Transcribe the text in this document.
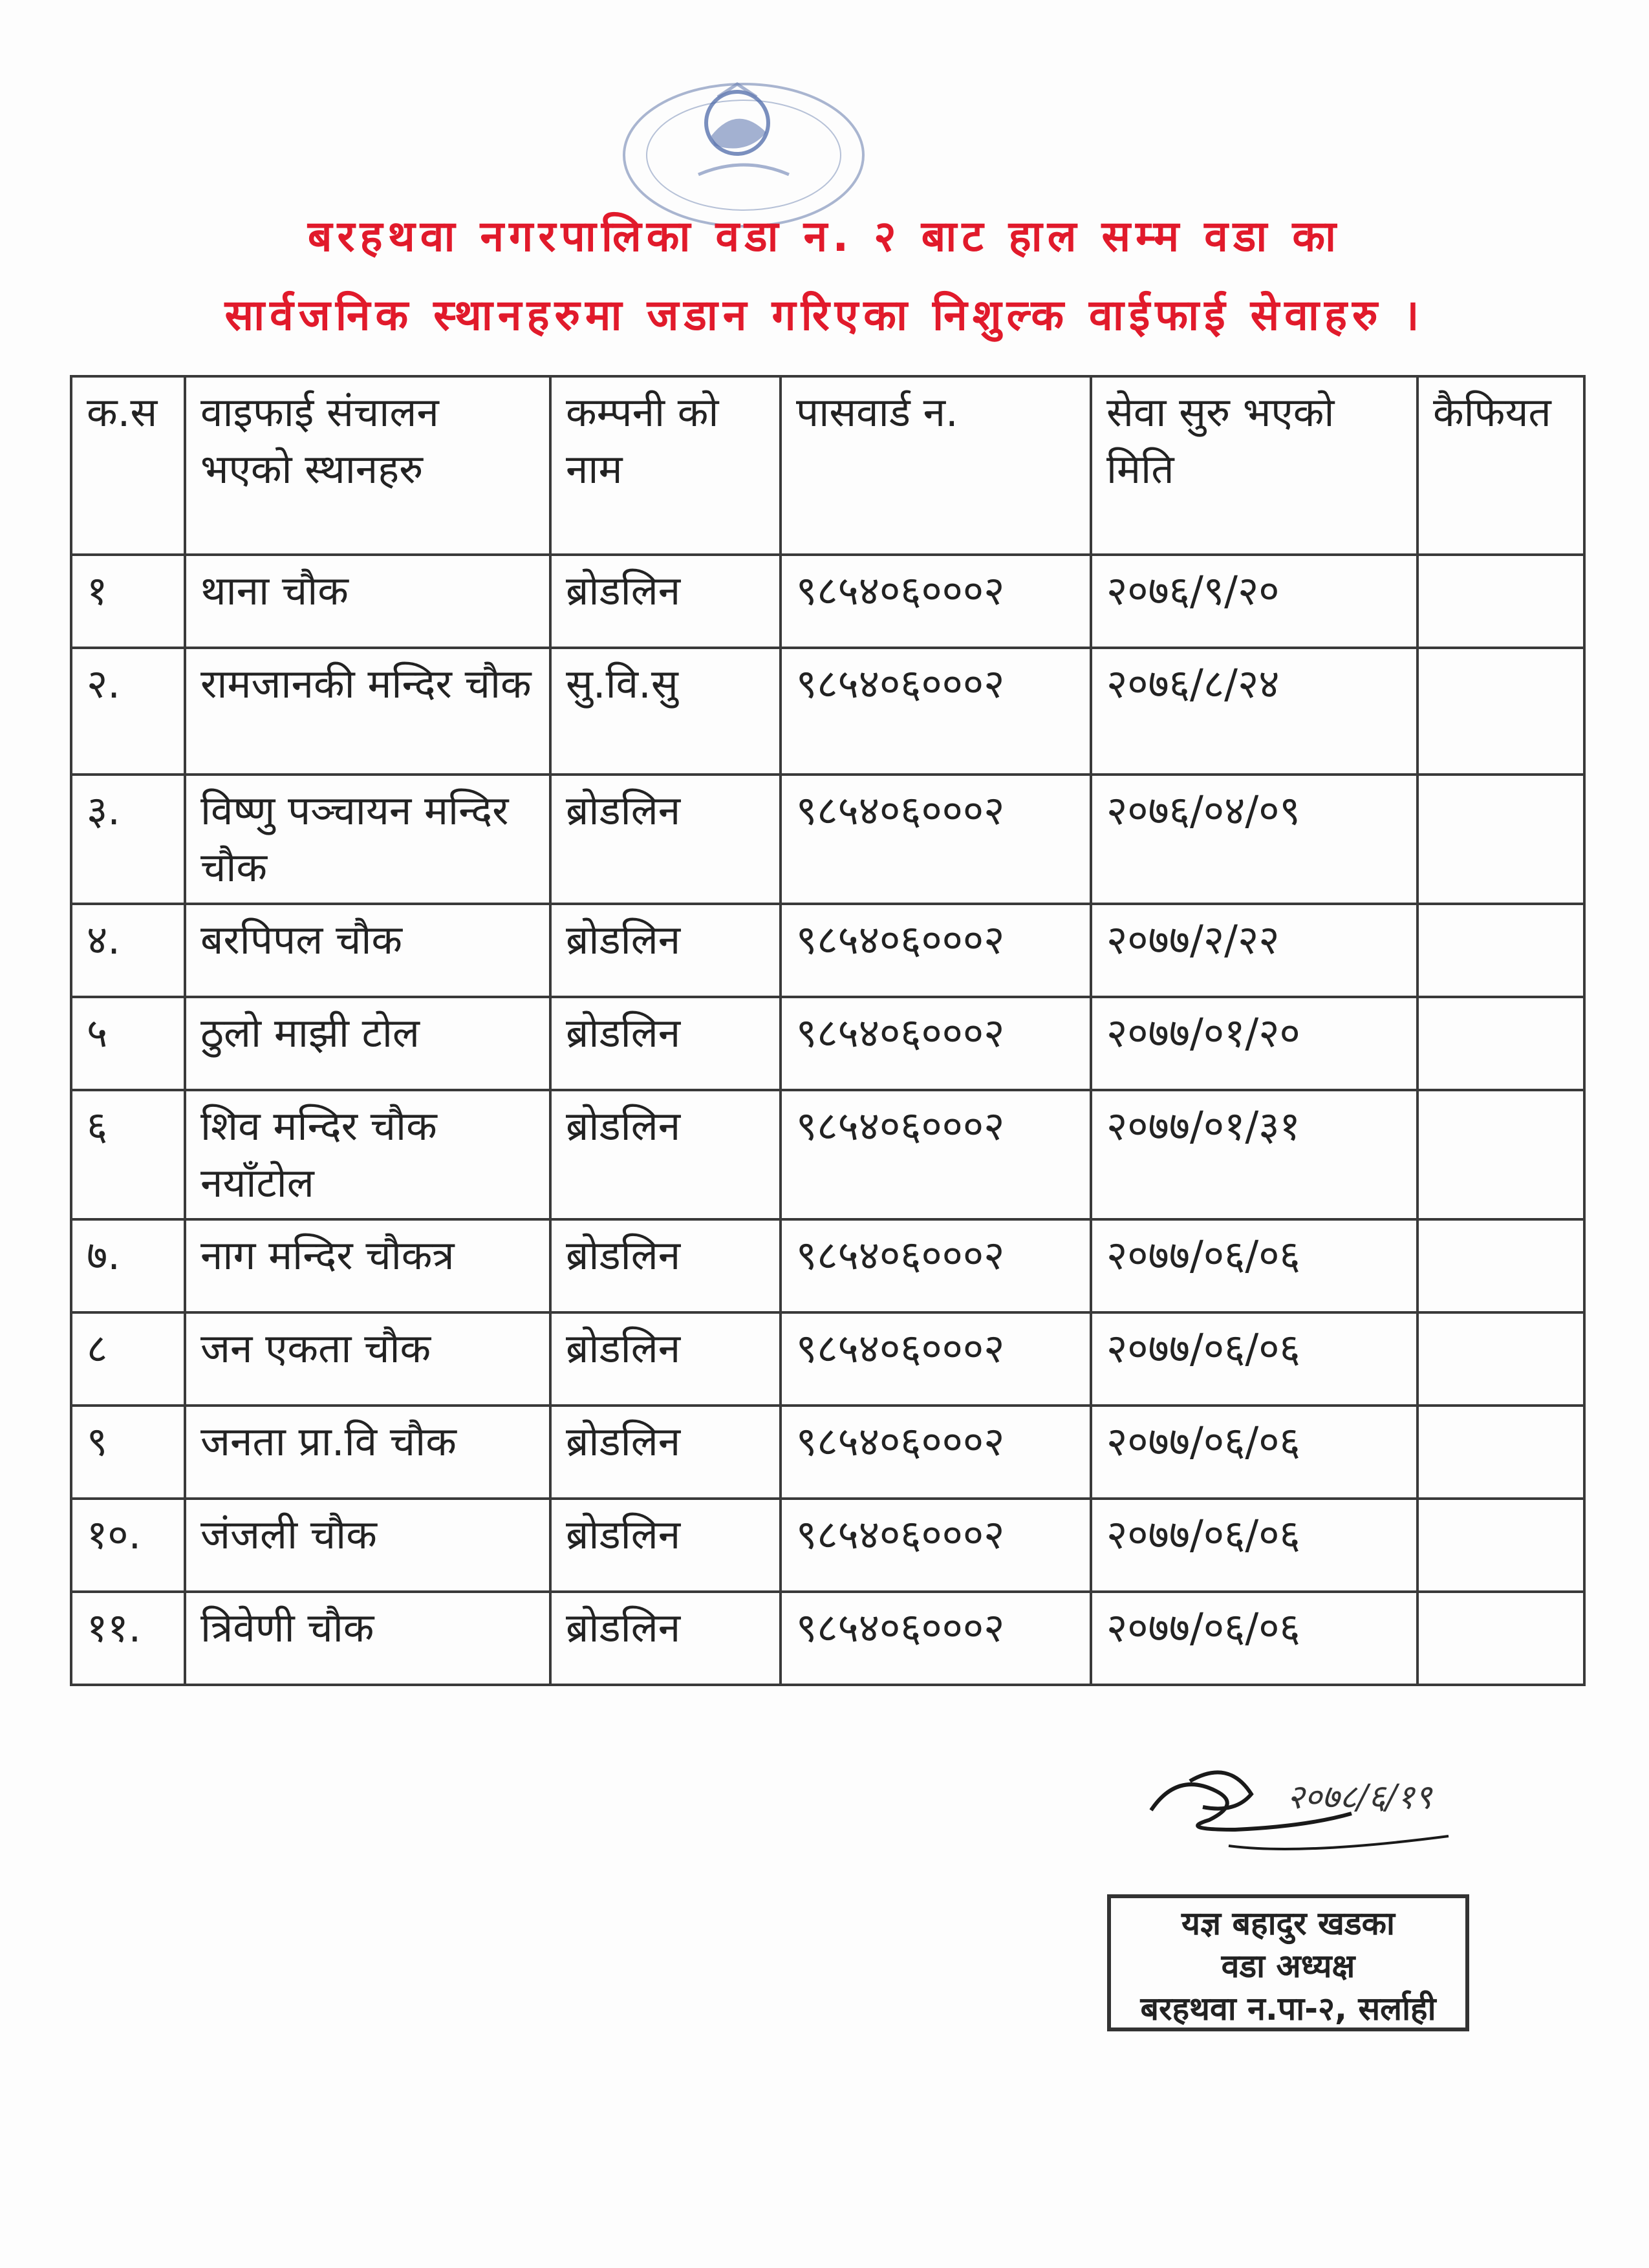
बरहथवा नगरपालिका वडा न. २ बाट हाल सम्म वडा का
सार्वजनिक स्थानहरुमा जडान गरिएका निशुल्क वाईफाई सेवाहरु ।
क.स	वाइफाई संचालन भएको स्थानहरु	कम्पनी को नाम	पासवार्ड न.	सेवा सुरु भएको मिति	कैफियत
१	थाना चौक	ब्रोडलिन	९८५४०६०००२	२०७६/९/२०	
२.	रामजानकी मन्दिर चौक	सु.वि.सु	९८५४०६०००२	२०७६/८/२४	
३.	विष्णु पञ्चायन मन्दिर चौक	ब्रोडलिन	९८५४०६०००२	२०७६/०४/०९	
४.	बरपिपल चौक	ब्रोडलिन	९८५४०६०००२	२०७७/२/२२	
५	ठुलो माझी टोल	ब्रोडलिन	९८५४०६०००२	२०७७/०१/२०	
६	शिव मन्दिर चौक नयाँटोल	ब्रोडलिन	९८५४०६०००२	२०७७/०१/३१	
७.	नाग मन्दिर चौकत्र	ब्रोडलिन	९८५४०६०००२	२०७७/०६/०६	
८	जन एकता चौक	ब्रोडलिन	९८५४०६०००२	२०७७/०६/०६	
९	जनता प्रा.वि चौक	ब्रोडलिन	९८५४०६०००२	२०७७/०६/०६	
१०.	जंजली चौक	ब्रोडलिन	९८५४०६०००२	२०७७/०६/०६	
११.	त्रिवेणी चौक	ब्रोडलिन	९८५४०६०००२	२०७७/०६/०६	
२०७८/६/१९
यज्ञ बहादुर खडका
वडा अध्यक्ष
बरहथवा न.पा-२, सर्लाही
